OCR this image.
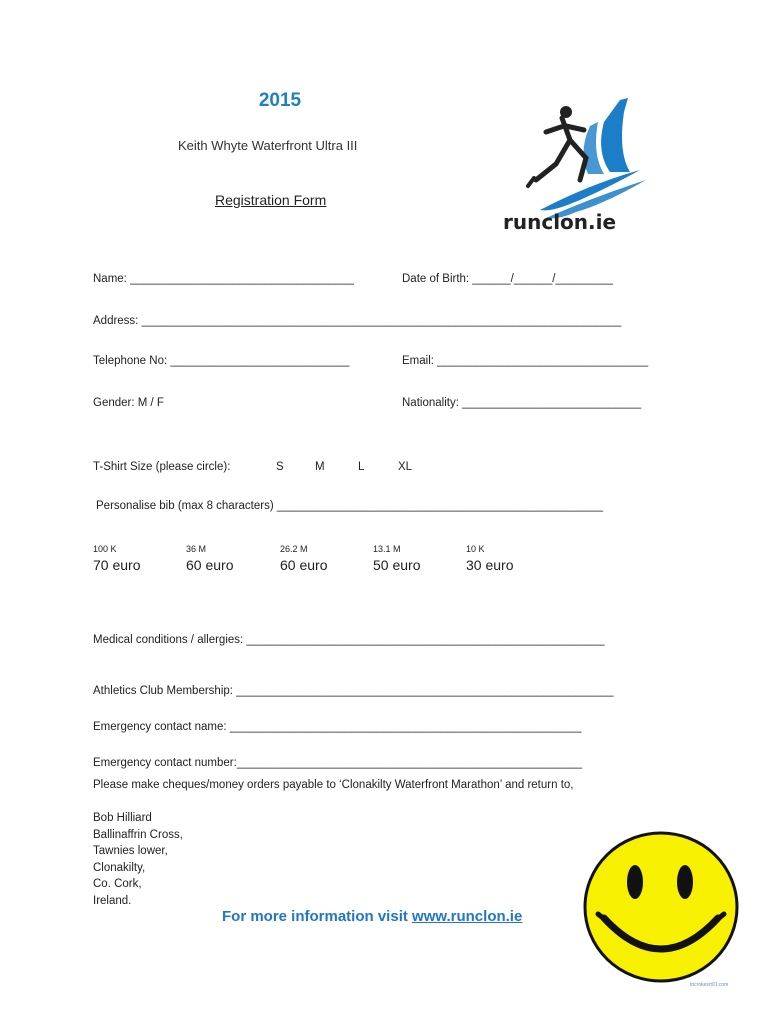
2015
Keith Whyte Waterfront Ultra III
Registration Form
runclon.ie
Name: ___________________________________	Date of Birth: ______/______/_________
Address: ___________________________________________________________________________
Telephone No: ____________________________	Email: _________________________________
Gender: M / F	Nationality: ____________________________
T-Shirt Size (please circle):	S	M	L	XL
Personalise bib (max 8 characters) ___________________________________________________
100 K
70 euro
36 M
60 euro
26.2 M
60 euro
13.1 M
50 euro
10 K
30 euro
Medical conditions / allergies: ________________________________________________________
Athletics Club Membership: ___________________________________________________________
Emergency contact name: _______________________________________________________
Emergency contact number:______________________________________________________
Please make cheques/money orders payable to ‘Clonakilty Waterfront Marathon’ and return to,
Bob Hilliard
Ballinaffrin Cross,
Tawnies lower,
Clonakilty,
Co. Cork,
Ireland.
For more information visit www.runclon.ie
tocrokesrt01.com
